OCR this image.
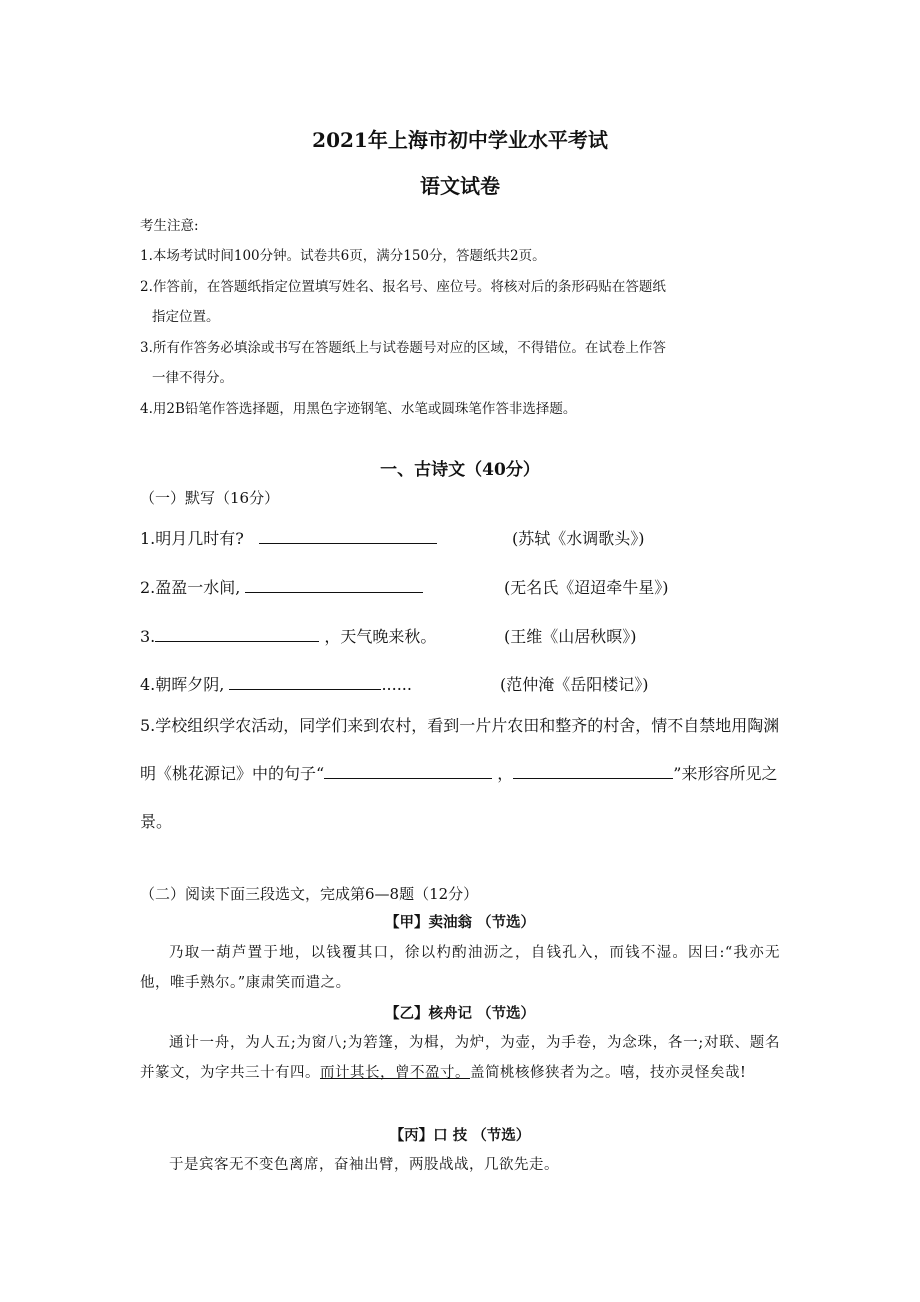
2021年上海市初中学业水平考试
语文试卷
考生注意:
1.本场考试时间100分钟。试卷共6页，满分150分，答题纸共2页。
2.作答前，在答题纸指定位置填写姓名、报名号、座位号。将核对后的条形码贴在答题纸
指定位置。
3.所有作答务必填涂或书写在答题纸上与试卷题号对应的区域，不得错位。在试卷上作答
一律不得分。
4.用2B铅笔作答选择题，用黑色字迹钢笔、水笔或圆珠笔作答非选择题。
一、古诗文（40分）
（一）默写（16分）
1.明月几时有?	(苏轼《水调歌头》)
2.盈盈一水间,	(无名氏《迢迢牵牛星》)
3.	，天气晚来秋。	(王维《山居秋暝》)
4.朝晖夕阴,	......	(范仲淹《岳阳楼记》)
5.学校组织学农活动，同学们来到农村，看到一片片农田和整齐的村舍，情不自禁地用陶渊明《桃花源记》中的句子“	，	”来形容所见之景。
（二）阅读下面三段选文，完成第6—8题（12分）
【甲】卖油翁 （节选）
乃取一葫芦置于地，以钱覆其口，徐以杓酌油沥之，自钱孔入，而钱不湿。因曰:“我亦无他，唯手熟尔。”康肃笑而遣之。
【乙】核舟记 （节选）
通计一舟，为人五;为窗八;为箬篷，为楫，为炉，为壶，为手卷，为念珠，各一;对联、题名并篆文，为字共三十有四。而计其长，曾不盈寸。盖简桃核修狭者为之。嘻，技亦灵怪矣哉!
【丙】口 技 （节选）
于是宾客无不变色离席，奋袖出臂，两股战战，几欲先走。
